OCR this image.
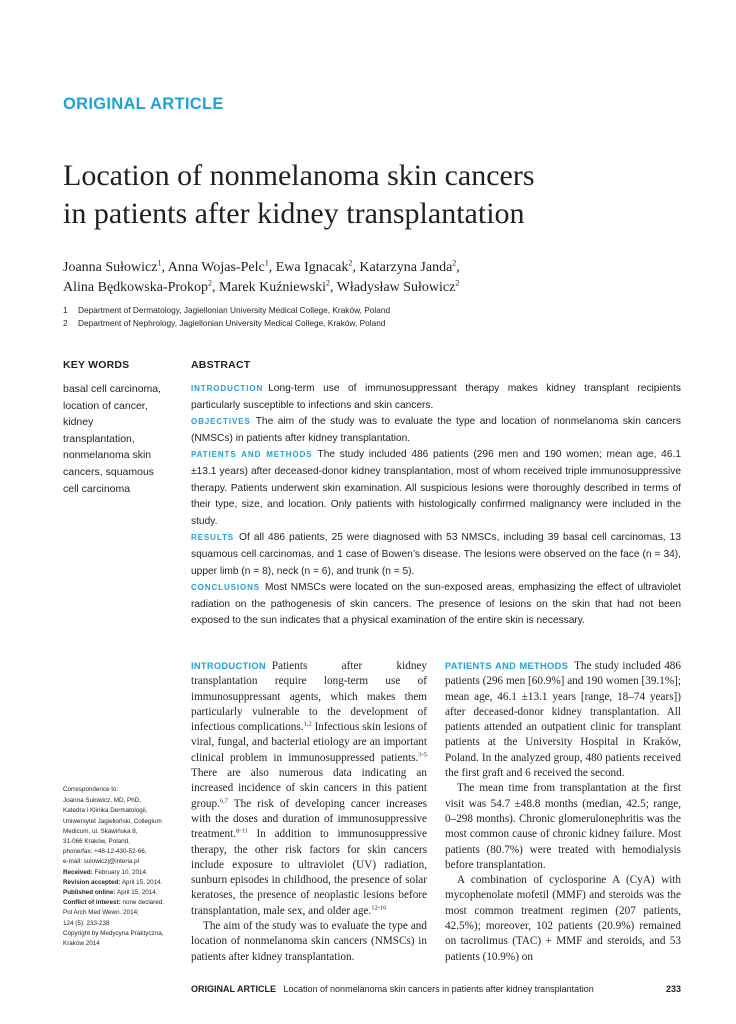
ORIGINAL ARTICLE
Location of nonmelanoma skin cancers
in patients after kidney transplantation
Joanna Sułowicz$^1$, Anna Wojas-Pelc$^1$, Ewa Ignacak$^2$, Katarzyna Janda$^2$,
Alina Będkowska-Prokop$^2$, Marek Kuźniewski$^2$, Władysław Sułowicz$^2$
1 Department of Dermatology, Jagiellonian University Medical College, Kraków, Poland
2 Department of Nephrology, Jagiellonian University Medical College, Kraków, Poland
KEY WORDS
basal cell carcinoma,
location of cancer,
kidney
transplantation,
nonmelanoma skin
cancers, squamous
cell carcinoma
ABSTRACT

INTRODUCTION Long-term use of immunosuppressant therapy makes kidney transplant recipients particularly susceptible to infections and skin cancers.

OBJECTIVES The aim of the study was to evaluate the type and location of nonmelanoma skin cancers (NMSCs) in patients after kidney transplantation.

PATIENTS AND METHODS The study included 486 patients (296 men and 190 women; mean age, 46.1 ±13.1 years) after deceased-donor kidney transplantation, most of whom received triple immunosuppressive therapy. Patients underwent skin examination. All suspicious lesions were thoroughly described in terms of their type, size, and location. Only patients with histologically confirmed malignancy were included in the study.

RESULTS Of all 486 patients, 25 were diagnosed with 53 NMSCs, including 39 basal cell carcinomas, 13 squamous cell carcinomas, and 1 case of Bowen’s disease. The lesions were observed on the face (n = 34), upper limb (n = 8), neck (n = 6), and trunk (n = 5).

CONCLUSIONS Most NMSCs were located on the sun-exposed areas, emphasizing the effect of ultraviolet radiation on the pathogenesis of skin cancers. The presence of lesions on the skin that had not been exposed to the sun indicates that a physical examination of the entire skin is necessary.

Correspondence to:
Joanna Sułowicz, MD, PhD,
Katedra i Klinika Dermatologii,
Uniwersytet Jagielloński, Collegium
Medicum, ul. Skawińska 8,
31-066 Kraków, Poland,
phone/fax: +48-12-430-52-66,
e-mail: sulowiczj@interia.pl
Received: February 10, 2014.
Revision accepted: April 15, 2014.
Published online: April 15, 2014.
Conflict of interest: none declared.
Pol Arch Med Wewn. 2014;
124 (5): 233-238
Copyright by Medycyna Praktyczna,
Kraków 2014

INTRODUCTION Patients after kidney transplantation require long-term use of immunosuppressant agents, which makes them particularly vulnerable to the development of infectious complications.$^{1,2}$ Infectious skin lesions of viral, fungal, and bacterial etiology are an important clinical problem in immunosuppressed patients.$^{3-5}$ There are also numerous data indicating an increased incidence of skin cancers in this patient group.$^{6,7}$ The risk of developing cancer increases with the doses and duration of immunosuppressive treatment.$^{8-11}$ In addition to immunosuppressive therapy, the other risk factors for skin cancers include exposure to ultraviolet (UV) radiation, sunburn episodes in childhood, the presence of solar keratoses, the presence of neoplastic lesions before transplantation, male sex, and older age.$^{12-16}$

The aim of the study was to evaluate the type and location of nonmelanoma skin cancers (NMSCs) in patients after kidney transplantation.

PATIENTS AND METHODS The study included 486 patients (296 men [60.9%] and 190 women [39.1%]; mean age, 46.1 ±13.1 years [range, 18–74 years]) after deceased-donor kidney transplantation. All patients attended an outpatient clinic for transplant patients at the University Hospital in Kraków, Poland. In the analyzed group, 480 patients received the first graft and 6 received the second.

The mean time from transplantation at the first visit was 54.7 ±48.8 months (median, 42.5; range, 0–298 months). Chronic glomerulonephritis was the most common cause of chronic kidney failure. Most patients (80.7%) were treated with hemodialysis before transplantation.

A combination of cyclosporine A (CyA) with mycophenolate mofetil (MMF) and steroids was the most common treatment regimen (207 patients, 42.5%); moreover, 102 patients (20.9%) remained on tacrolimus (TAC) + MMF and steroids, and 53 patients (10.9%) on

ORIGINAL ARTICLE Location of nonmelanoma skin cancers in patients after kidney transplantation	233
